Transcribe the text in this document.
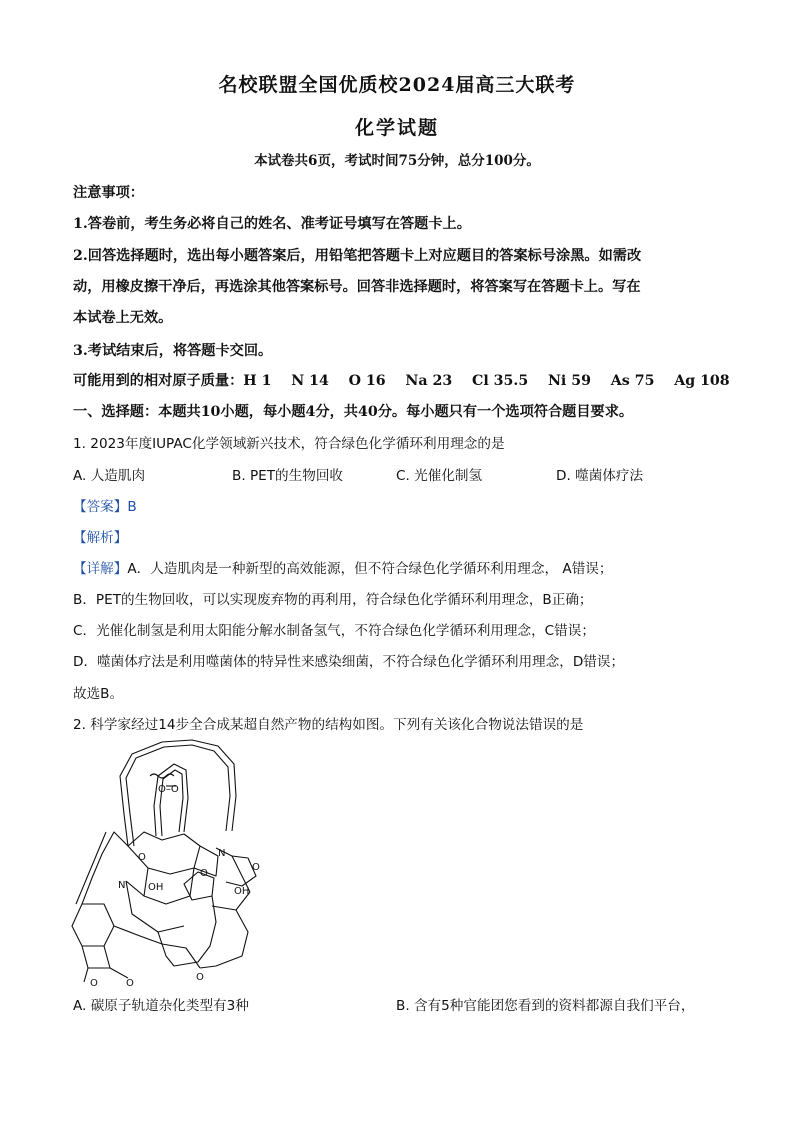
名校联盟全国优质校2024届高三大联考
化学试题
本试卷共6页，考试时间75分钟，总分100分。
注意事项：
1.答卷前，考生务必将自己的姓名、准考证号填写在答题卡上。
2.回答选择题时，选出每小题答案后，用铅笔把答题卡上对应题目的答案标号涂黑。如需改
动，用橡皮擦干净后，再选涂其他答案标号。回答非选择题时，将答案写在答题卡上。写在
本试卷上无效。
3.考试结束后，将答题卡交回。
可能用到的相对原子质量：H 1    N 14    O 16    Na 23    Cl 35.5    Ni 59    As 75    Ag 108
一、选择题：本题共10小题，每小题4分，共40分。每小题只有一个选项符合题目要求。
1. 2023年度IUPAC化学领域新兴技术，符合绿色化学循环利用理念的是
A. 人造肌肉	B. PET的生物回收	C. 光催化制氢	D. 噬菌体疗法
【答案】B
【解析】
【详解】A．人造肌肉是一种新型的高效能源，但不符合绿色化学循环利用理念， A错误；
B．PET的生物回收，可以实现废弃物的再利用，符合绿色化学循环利用理念，B正确；
C．光催化制氢是利用太阳能分解水制备氢气，不符合绿色化学循环利用理念，C错误；
D．噬菌体疗法是利用噬菌体的特异性来感染细菌，不符合绿色化学循环利用理念，D错误；
故选B。
2. 科学家经过14步全合成某超自然产物的结构如图。下列有关该化合物说法错误的是
N
N OH	OH
O
O
O
O	O
O
O–O
A. 碳原子轨道杂化类型有3种	B. 含有5种官能团您看到的资料都源自我们平台，
